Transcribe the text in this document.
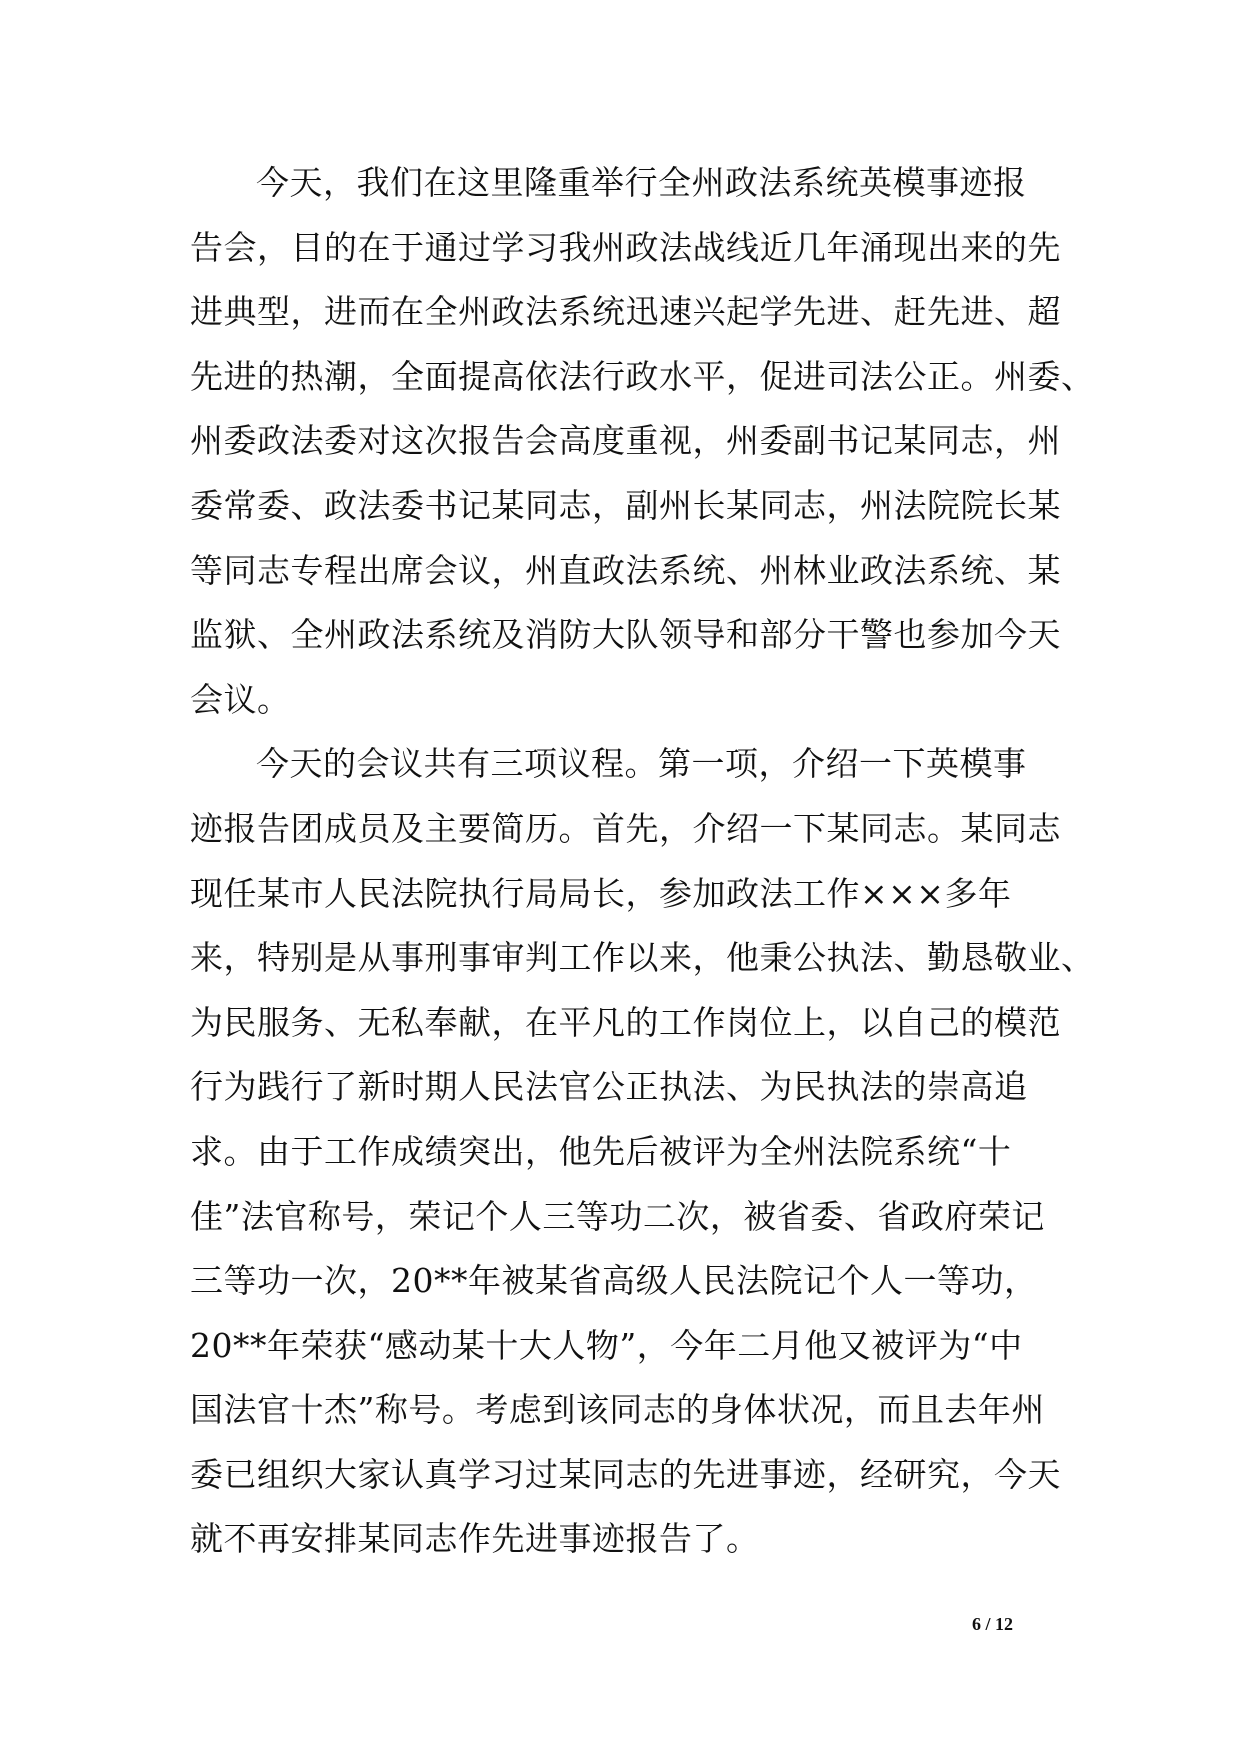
今天，我们在这里隆重举行全州政法系统英模事迹报
告会，目的在于通过学习我州政法战线近几年涌现出来的先
进典型，进而在全州政法系统迅速兴起学先进、赶先进、超
先进的热潮，全面提高依法行政水平，促进司法公正。州委、
州委政法委对这次报告会高度重视，州委副书记某同志，州
委常委、政法委书记某同志，副州长某同志，州法院院长某
等同志专程出席会议，州直政法系统、州林业政法系统、某
监狱、全州政法系统及消防大队领导和部分干警也参加今天
会议。
今天的会议共有三项议程。第一项，介绍一下英模事
迹报告团成员及主要简历。首先，介绍一下某同志。某同志
现任某市人民法院执行局局长，参加政法工作×××多年
来，特别是从事刑事审判工作以来，他秉公执法、勤恳敬业、
为民服务、无私奉献，在平凡的工作岗位上，以自己的模范
行为践行了新时期人民法官公正执法、为民执法的崇高追
求。由于工作成绩突出，他先后被评为全州法院系统“十
佳”法官称号，荣记个人三等功二次，被省委、省政府荣记
三等功一次，20**年被某省高级人民法院记个人一等功，
20**年荣获“感动某十大人物”，今年二月他又被评为“中
国法官十杰”称号。考虑到该同志的身体状况，而且去年州
委已组织大家认真学习过某同志的先进事迹，经研究，今天
就不再安排某同志作先进事迹报告了。
6 / 12
